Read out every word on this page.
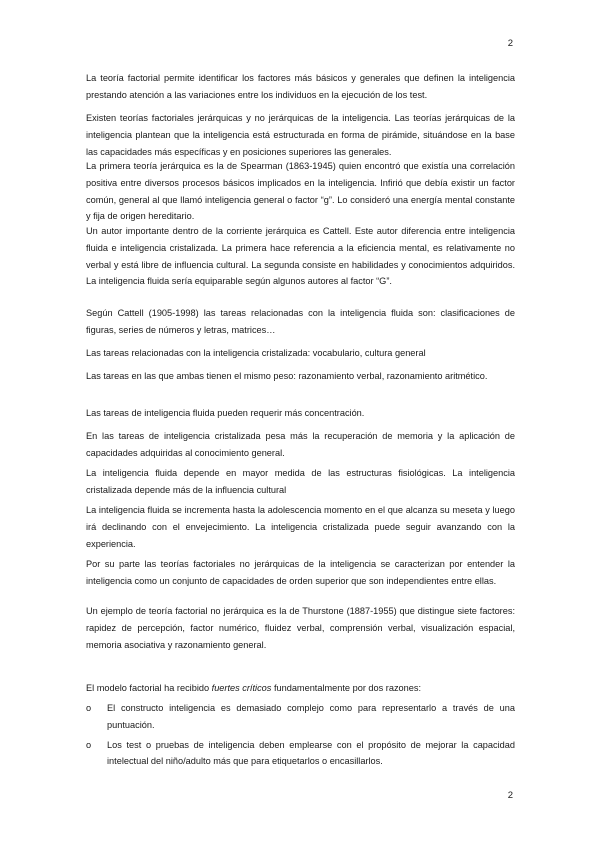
2

La teoría factorial permite identificar los factores más básicos y generales que definen la inteligencia prestando atención a las variaciones entre los individuos en la ejecución de los test.

Existen teorías factoriales jerárquicas y no jerárquicas de la inteligencia. Las teorías jerárquicas de la inteligencia plantean que la inteligencia está estructurada en forma de pirámide, situándose en la base las capacidades más específicas y en posiciones superiores las generales.

La primera teoría jerárquica es la de Spearman (1863-1945) quien encontró que existía una correlación positiva entre diversos procesos básicos implicados en la inteligencia. Infirió que debía existir un factor común, general al que llamó inteligencia general o factor “g”. Lo consideró una energía mental constante y fija de origen hereditario.

Un autor importante dentro de la corriente jerárquica es Cattell. Este autor diferencia entre inteligencia fluida e inteligencia cristalizada. La primera hace referencia a la eficiencia mental, es relativamente no verbal y está libre de influencia cultural. La segunda consiste en habilidades y conocimientos adquiridos. La inteligencia fluida sería equiparable según algunos autores al factor “G”.

Según Cattell (1905-1998) las tareas relacionadas con la inteligencia fluida son: clasificaciones de figuras, series de números y letras, matrices…

Las tareas relacionadas con la inteligencia cristalizada: vocabulario, cultura general

Las tareas en las que ambas tienen el mismo peso: razonamiento verbal, razonamiento aritmético.

Las tareas de inteligencia fluida pueden requerir más concentración.

En las tareas de inteligencia cristalizada pesa más la recuperación de memoria y la aplicación de capacidades adquiridas al conocimiento general.

La inteligencia fluida depende en mayor medida de las estructuras fisiológicas. La inteligencia cristalizada depende más de la influencia cultural

La inteligencia fluida se incrementa hasta la adolescencia momento en el que alcanza su meseta y luego irá declinando con el envejecimiento. La inteligencia cristalizada puede seguir avanzando con la experiencia.

Por su parte las teorías factoriales no jerárquicas de la inteligencia se caracterizan por entender la inteligencia como un conjunto de capacidades de orden superior que son independientes entre ellas.

Un ejemplo de teoría factorial no jerárquica es la de Thurstone (1887-1955) que distingue siete factores: rapidez de percepción, factor numérico, fluidez verbal, comprensión verbal, visualización espacial, memoria asociativa y razonamiento general.

El modelo factorial ha recibido fuertes críticos fundamentalmente por dos razones:

o El constructo inteligencia es demasiado complejo como para representarlo a través de una puntuación.
o Los test o pruebas de inteligencia deben emplearse con el propósito de mejorar la capacidad intelectual del niño/adulto más que para etiquetarlos o encasillarlos.
2
